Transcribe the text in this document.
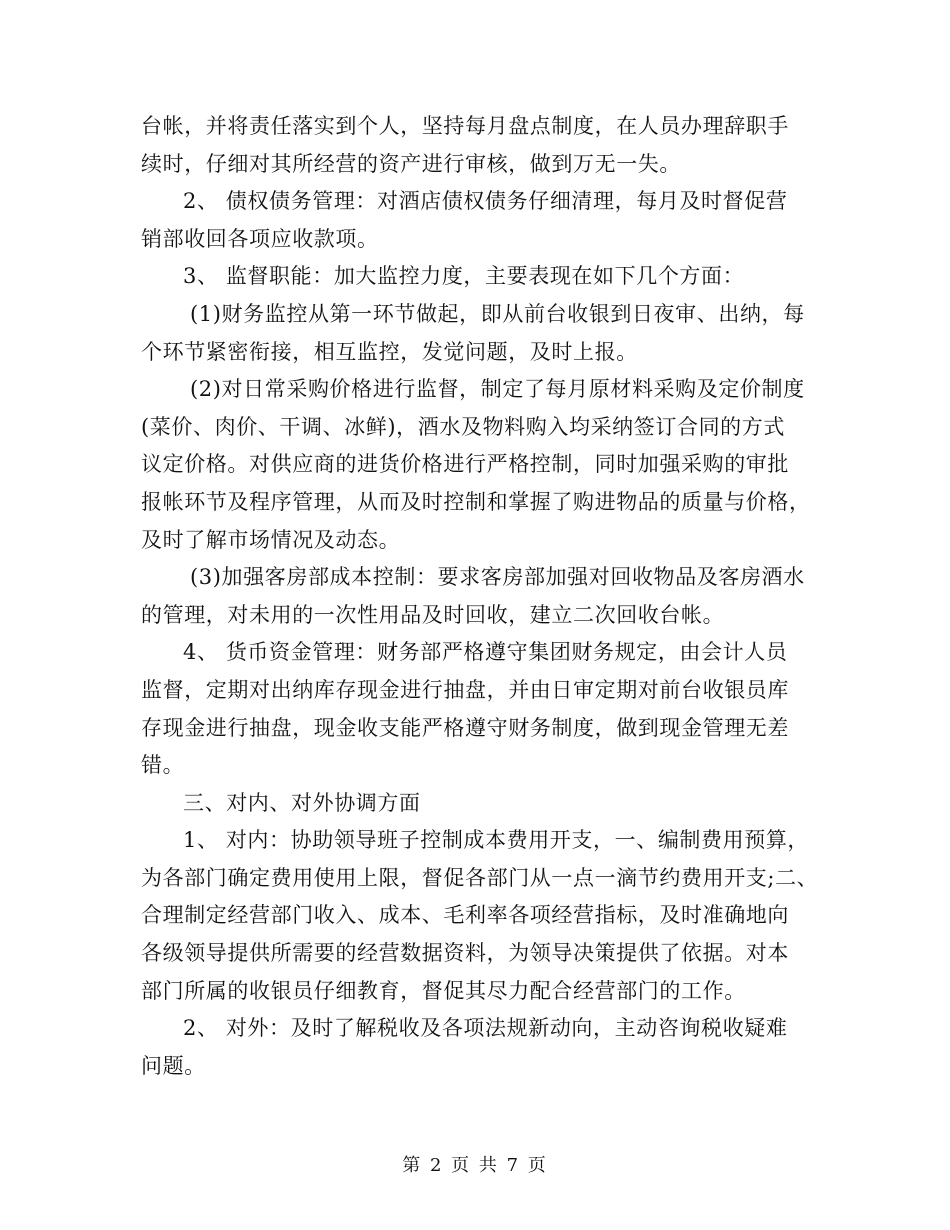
台帐，并将责任落实到个人，坚持每月盘点制度，在人员办理辞职手
续时，仔细对其所经营的资产进行审核，做到万无一失。
2、 债权债务管理：对酒店债权债务仔细清理，每月及时督促营
销部收回各项应收款项。
3、 监督职能：加大监控力度，主要表现在如下几个方面：
(1)财务监控从第一环节做起，即从前台收银到日夜审、出纳，每
个环节紧密衔接，相互监控，发觉问题，及时上报。
(2)对日常采购价格进行监督，制定了每月原材料采购及定价制度
(菜价、肉价、干调、冰鲜)，酒水及物料购入均采纳签订合同的方式
议定价格。对供应商的进货价格进行严格控制，同时加强采购的审批
报帐环节及程序管理，从而及时控制和掌握了购进物品的质量与价格，
及时了解市场情况及动态。
(3)加强客房部成本控制：要求客房部加强对回收物品及客房酒水
的管理，对未用的一次性用品及时回收，建立二次回收台帐。
4、 货币资金管理：财务部严格遵守集团财务规定，由会计人员
监督，定期对出纳库存现金进行抽盘，并由日审定期对前台收银员库
存现金进行抽盘，现金收支能严格遵守财务制度，做到现金管理无差
错。
三、对内、对外协调方面
1、 对内：协助领导班子控制成本费用开支，一、编制费用预算，
为各部门确定费用使用上限，督促各部门从一点一滴节约费用开支;二、
合理制定经营部门收入、成本、毛利率各项经营指标，及时准确地向
各级领导提供所需要的经营数据资料，为领导决策提供了依据。对本
部门所属的收银员仔细教育，督促其尽力配合经营部门的工作。
2、 对外：及时了解税收及各项法规新动向，主动咨询税收疑难
问题。
第 2 页 共 7 页
